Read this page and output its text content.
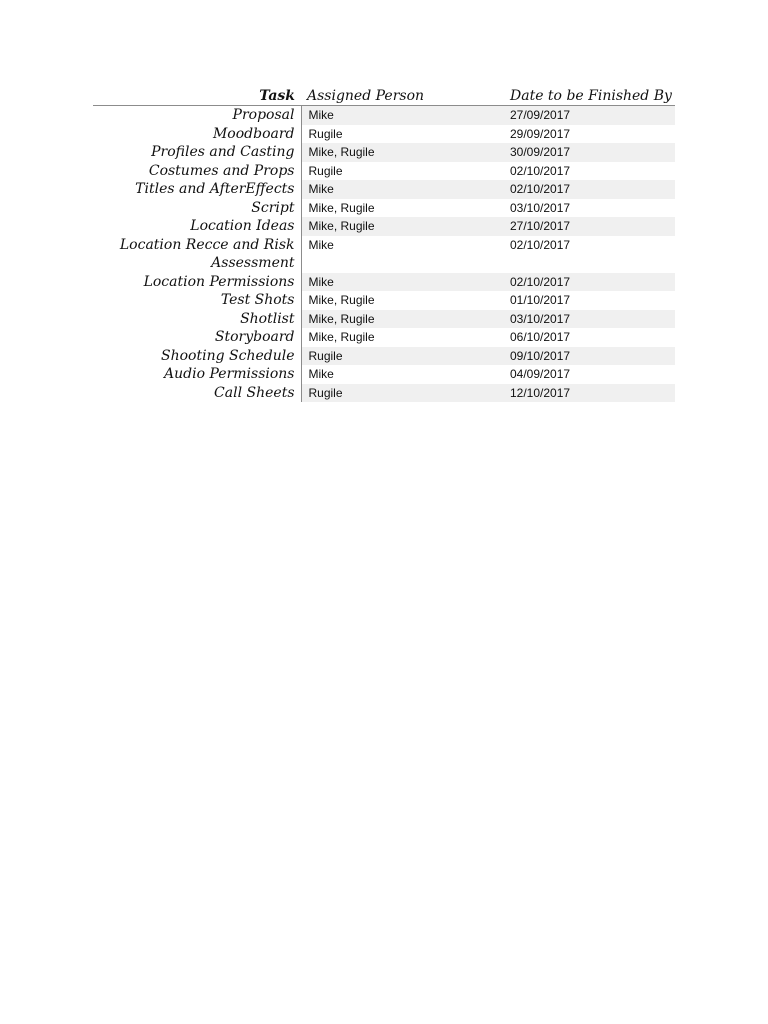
Task	Assigned Person	Date to be Finished By
Proposal	Mike	27/09/2017
Moodboard	Rugile	29/09/2017
Profiles and Casting	Mike, Rugile	30/09/2017
Costumes and Props	Rugile	02/10/2017
Titles and AfterEffects	Mike	02/10/2017
Script	Mike, Rugile	03/10/2017
Location Ideas	Mike, Rugile	27/10/2017
Location Recce and Risk Assessment	Mike	02/10/2017
Location Permissions	Mike	02/10/2017
Test Shots	Mike, Rugile	01/10/2017
Shotlist	Mike, Rugile	03/10/2017
Storyboard	Mike, Rugile	06/10/2017
Shooting Schedule	Rugile	09/10/2017
Audio Permissions	Mike	04/09/2017
Call Sheets	Rugile	12/10/2017
